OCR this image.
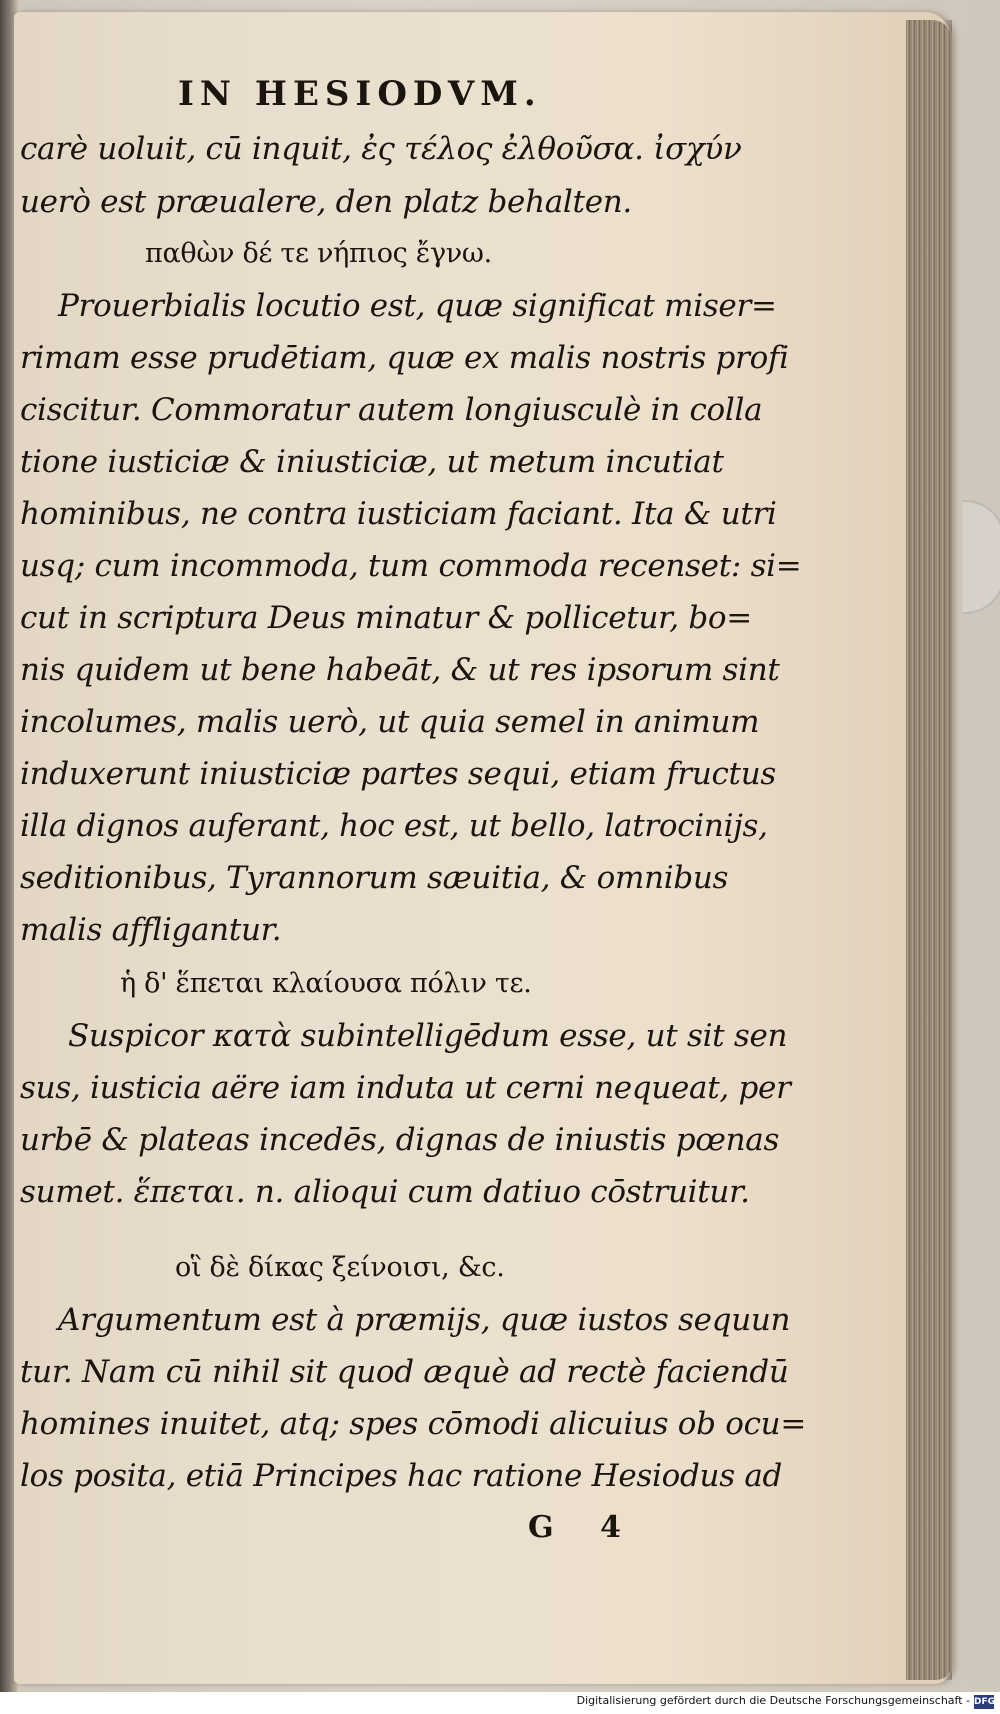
IN HESIODVM.
carè uoluit, cū inquit, ἐς τέλος ἐλθοῦσα. ἰσχύν
uerò est præualere, den platz behalten.
παθὼν δέ τε νήπιος ἔγνω.
Prouerbialis locutio est, quæ significat miser=
rimam esse prudētiam, quæ ex malis nostris profi
ciscitur. Commoratur autem longiusculè in colla
tione iusticiæ & iniusticiæ, ut metum incutiat
hominibus, ne contra iusticiam faciant. Ita & utri
usq; cum incommoda, tum commoda recenset: si=
cut in scriptura Deus minatur & pollicetur, bo=
nis quidem ut bene habeāt, & ut res ipsorum sint
incolumes, malis uerò, ut quia semel in animum
induxerunt iniusticiæ partes sequi, etiam fructus
illa dignos auferant, hoc est, ut bello, latrocinijs,
seditionibus, Tyrannorum sæuitia, & omnibus
malis affligantur.
ἡ δ' ἕπεται κλαίουσα πόλιν τε.
Suspicor κατὰ subintelligēdum esse, ut sit sen
sus, iusticia aëre iam induta ut cerni nequeat, per
urbē & plateas incedēs, dignas de iniustis pœnas
sumet. ἕπεται. n. alioqui cum datiuo cōstruitur.
οἳ δὲ δίκας ξείνοισι, &c.
Argumentum est à præmijs, quæ iustos sequun
tur. Nam cū nihil sit quod æquè ad rectè faciendū
homines inuitet, atq; spes cōmodi alicuius ob ocu=
los posita, etiā Principes hac ratione Hesiodus ad
G 4
Digitalisierung gefördert durch die Deutsche Forschungsgemeinschaft - DFG
